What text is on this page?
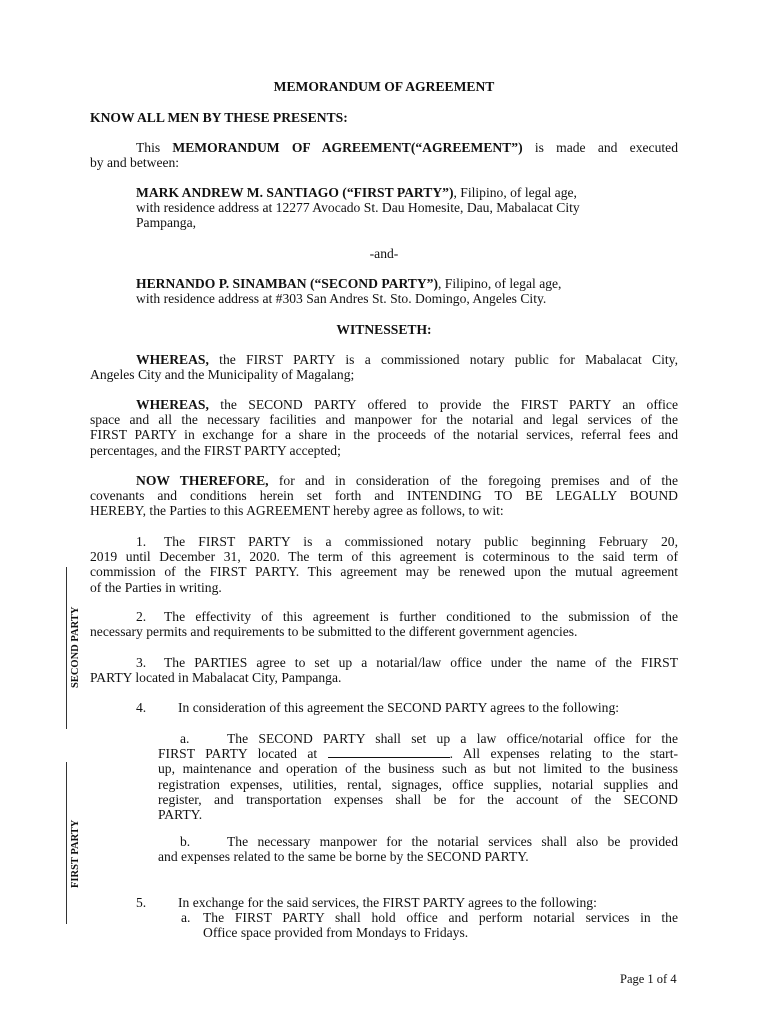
MEMORANDUM OF AGREEMENT

KNOW ALL MEN BY THESE PRESENTS:

This MEMORANDUM OF AGREEMENT(“AGREEMENT”) is made and executed
by and between:
MARK ANDREW M. SANTIAGO (“FIRST PARTY”), Filipino, of legal age,
with residence address at 12277 Avocado St. Dau Homesite, Dau, Mabalacat City
Pampanga,

-and-

HERNANDO P. SINAMBAN (“SECOND PARTY”), Filipino, of legal age,
with residence address at #303 San Andres St. Sto. Domingo, Angeles City.

WITNESSETH:

WHEREAS, the FIRST PARTY is a commissioned notary public for Mabalacat City,
Angeles City and the Municipality of Magalang;
WHEREAS, the SECOND PARTY offered to provide the FIRST PARTY an office
space and all the necessary facilities and manpower for the notarial and legal services of the
FIRST PARTY in exchange for a share in the proceeds of the notarial services, referral fees and
percentages, and the FIRST PARTY accepted;
NOW THEREFORE, for and in consideration of the foregoing premises and of the
covenants and conditions herein set forth and INTENDING TO BE LEGALLY BOUND
HEREBY, the Parties to this AGREEMENT hereby agree as follows, to wit:
1. The FIRST PARTY is a commissioned notary public beginning February 20,
2019 until December 31, 2020. The term of this agreement is coterminous to the said term of
commission of the FIRST PARTY. This agreement may be renewed upon the mutual agreement
of the Parties in writing.
2. The effectivity of this agreement is further conditioned to the submission of the
necessary permits and requirements to be submitted to the different government agencies.
3. The PARTIES agree to set up a notarial/law office under the name of the FIRST
PARTY located in Mabalacat City, Pampanga.
4. In consideration of this agreement the SECOND PARTY agrees to the following:
a.	The SECOND PARTY shall set up a law office/notarial office for the
FIRST PARTY located at	. All expenses relating to the start-
up, maintenance and operation of the business such as but not limited to the business
registration expenses, utilities, rental, signages, office supplies, notarial supplies and
register, and transportation expenses shall be for the account of the SECOND
PARTY.
b.	The necessary manpower for the notarial services shall also be provided
and expenses related to the same be borne by the SECOND PARTY.
5. In exchange for the said services, the FIRST PARTY agrees to the following:
a. The FIRST PARTY shall hold office and perform notarial services in the
Office space provided from Mondays to Fridays.
SECOND PARTY
FIRST PARTY
Page 1 of 4
